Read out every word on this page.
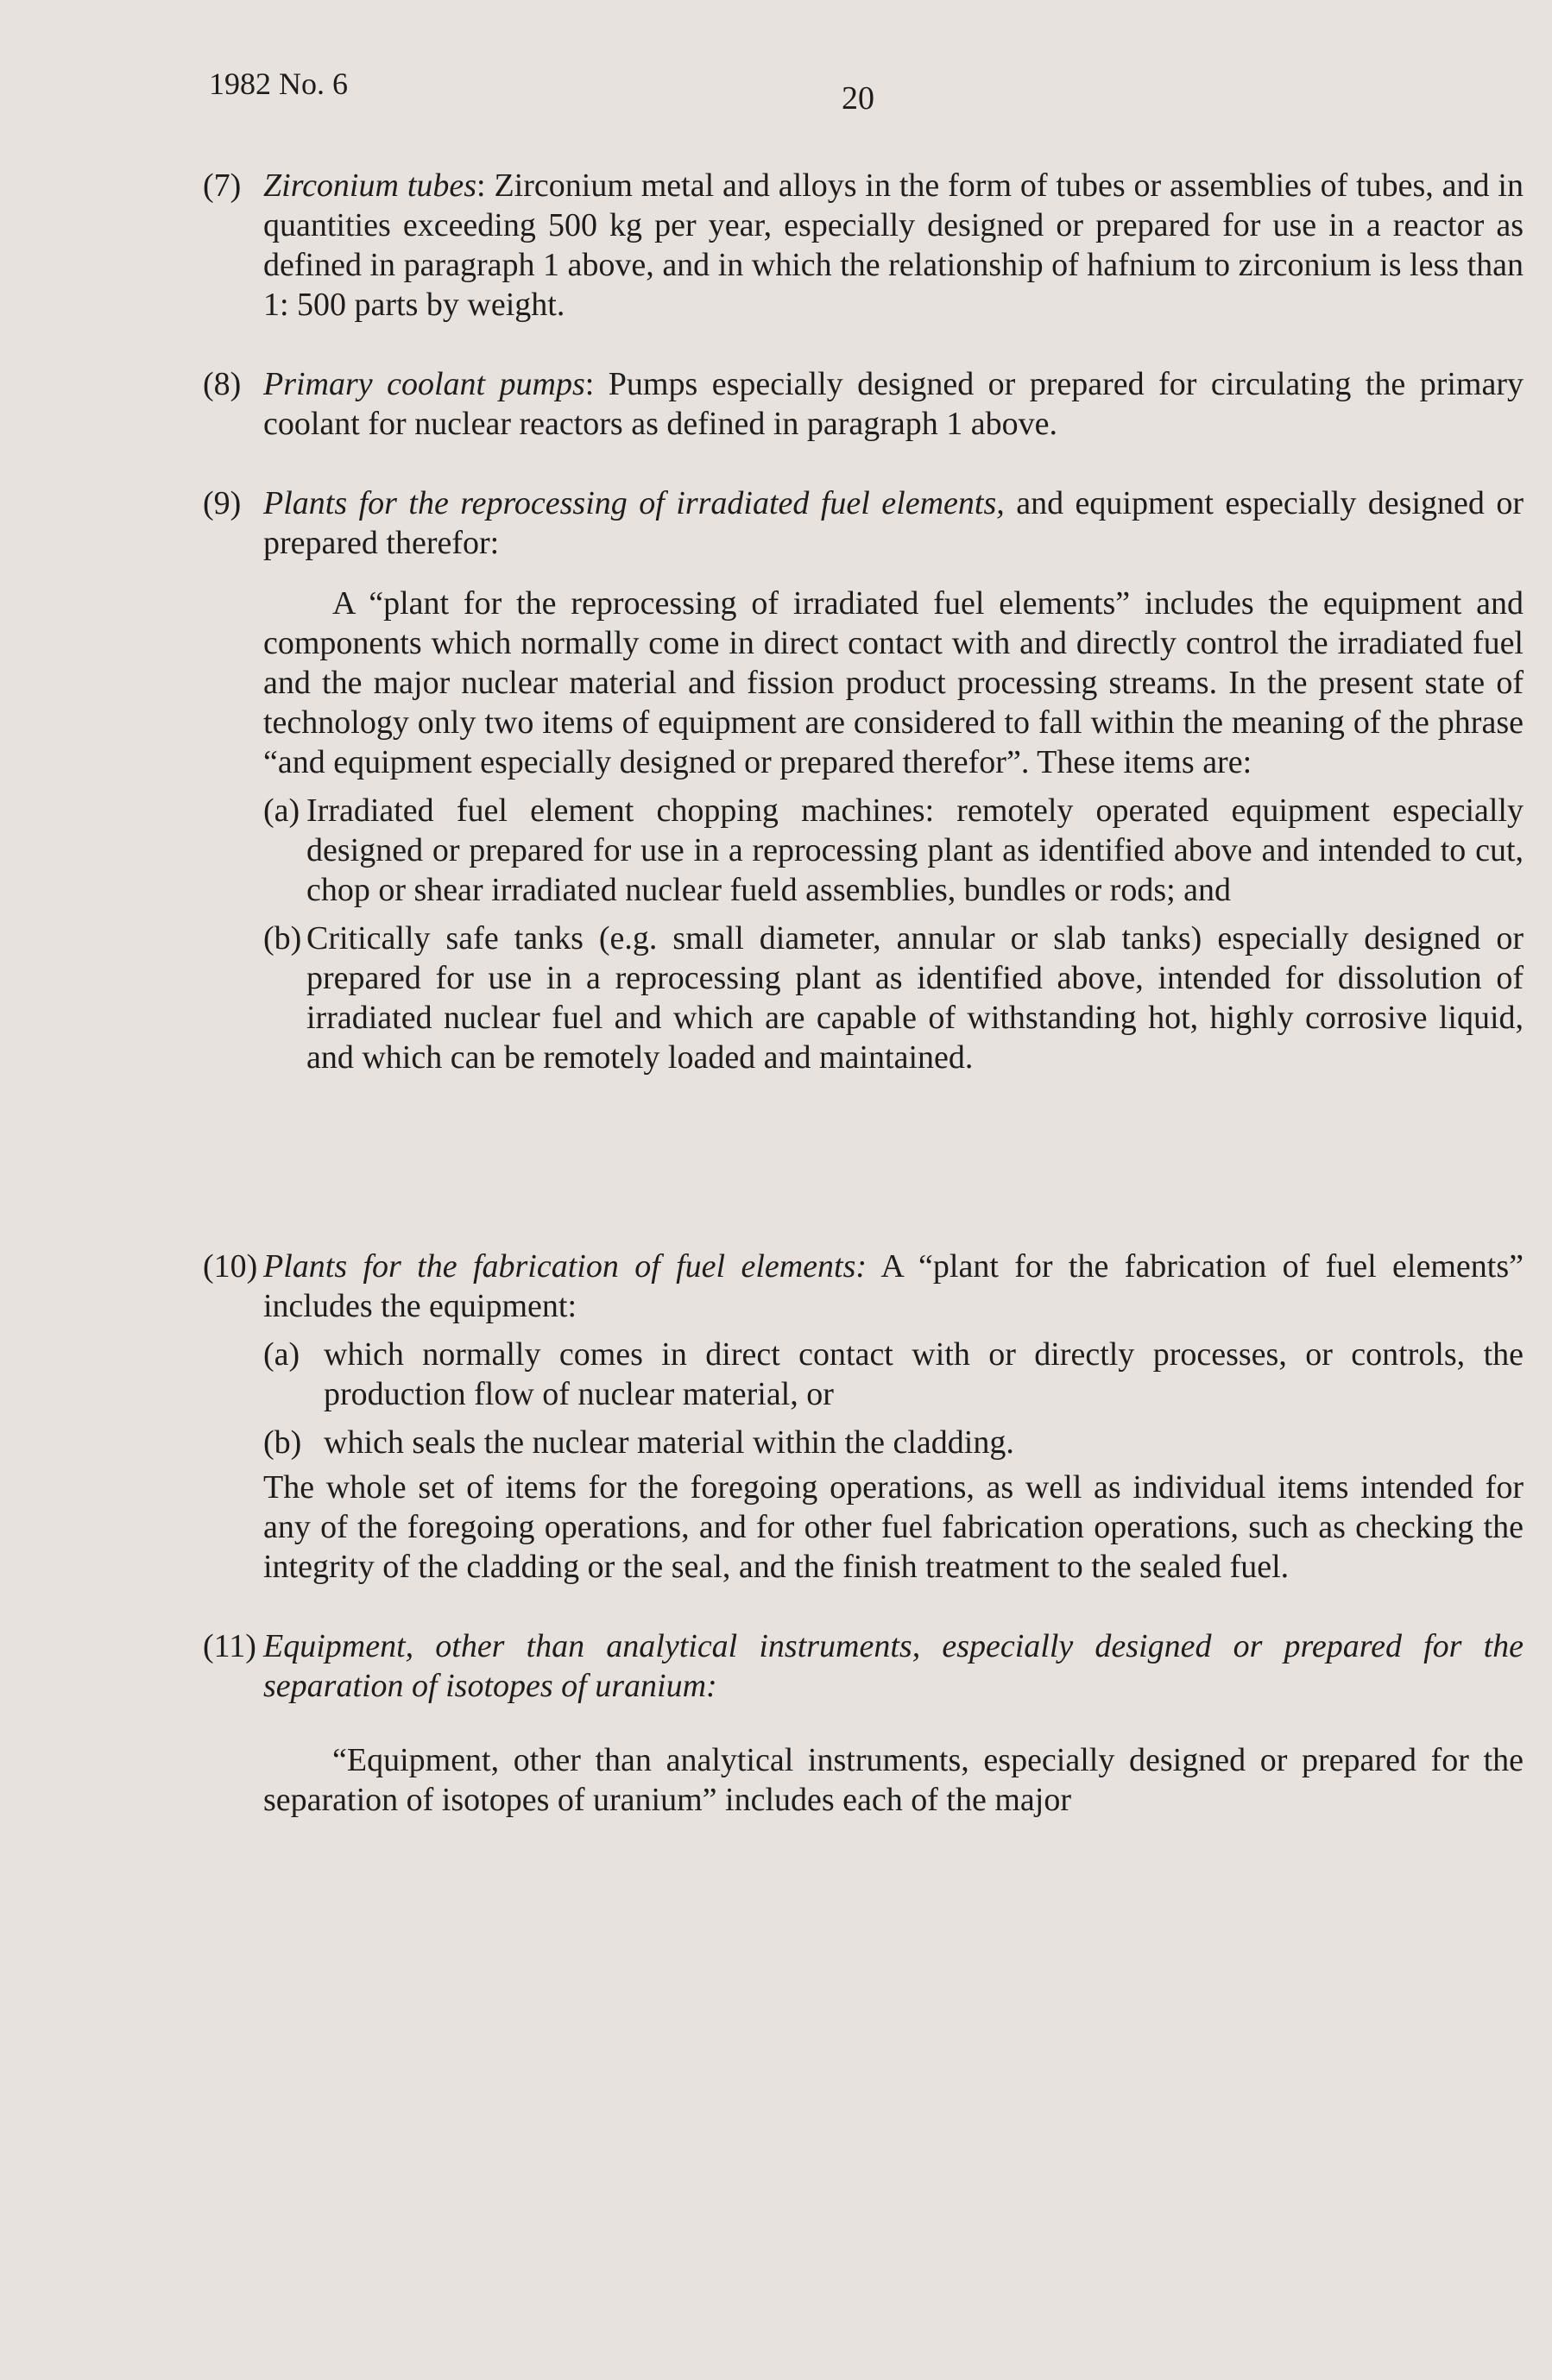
1982 No. 6	20
(7) Zirconium tubes: Zirconium metal and alloys in the form of tubes or assemblies of tubes, and in quantities exceeding 500 kg per year, especially designed or prepared for use in a reactor as defined in paragraph 1 above, and in which the relationship of hafnium to zirconium is less than 1: 500 parts by weight.
(8) Primary coolant pumps: Pumps especially designed or prepared for circulating the primary coolant for nuclear reactors as defined in paragraph 1 above.
(9) Plants for the reprocessing of irradiated fuel elements, and equipment especially designed or prepared therefor:
A “plant for the reprocessing of irradiated fuel elements” includes the equipment and components which normally come in direct contact with and directly control the irradiated fuel and the major nuclear material and fission product processing streams. In the present state of technology only two items of equipment are considered to fall within the meaning of the phrase “and equipment especially designed or prepared therefor”. These items are:
(a) Irradiated fuel element chopping machines: remotely operated equipment especially designed or prepared for use in a reprocessing plant as identified above and intended to cut, chop or shear irradiated nuclear fueld assemblies, bundles or rods; and
(b) Critically safe tanks (e.g. small diameter, annular or slab tanks) especially designed or prepared for use in a reprocessing plant as identified above, intended for dissolution of irradiated nuclear fuel and which are capable of withstanding hot, highly corrosive liquid, and which can be remotely loaded and maintained.
(10) Plants for the fabrication of fuel elements: A “plant for the fabrication of fuel elements” includes the equipment:
(a) which normally comes in direct contact with or directly processes, or controls, the production flow of nuclear material, or
(b) which seals the nuclear material within the cladding.
The whole set of items for the foregoing operations, as well as individual items intended for any of the foregoing operations, and for other fuel fabrication operations, such as checking the integrity of the cladding or the seal, and the finish treatment to the sealed fuel.
(11) Equipment, other than analytical instruments, especially designed or prepared for the separation of isotopes of uranium:
“Equipment, other than analytical instruments, especially designed or prepared for the separation of isotopes of uranium” includes each of the major
